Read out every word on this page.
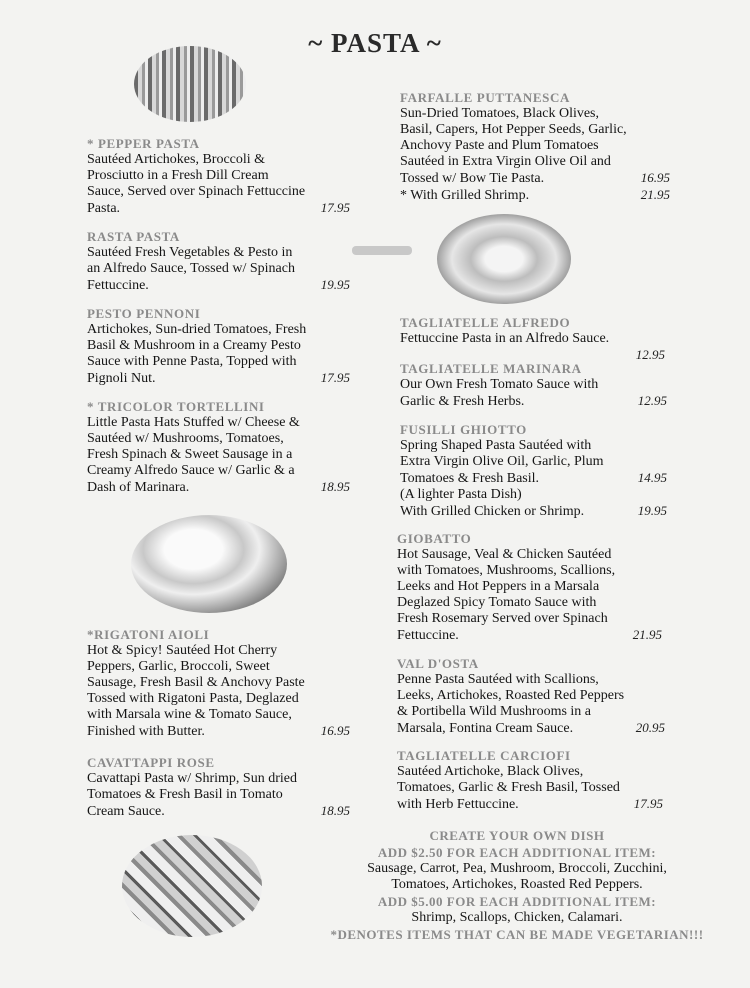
~ PASTA ~
* PEPPER PASTA
Sautéed Artichokes, Broccoli &
Prosciutto in a Fresh Dill Cream
Sauce, Served over Spinach Fettuccine
Pasta.	17.95
RASTA PASTA
Sautéed Fresh Vegetables & Pesto in
an Alfredo Sauce, Tossed w/ Spinach
Fettuccine.	19.95
PESTO PENNONI
Artichokes, Sun-dried Tomatoes, Fresh
Basil & Mushroom in a Creamy Pesto
Sauce with Penne Pasta, Topped with
Pignoli Nut.	17.95
* TRICOLOR TORTELLINI
Little Pasta Hats Stuffed w/ Cheese &
Sautéed w/ Mushrooms, Tomatoes,
Fresh Spinach & Sweet Sausage in a
Creamy Alfredo Sauce w/ Garlic & a
Dash of Marinara.	18.95
*RIGATONI AIOLI
Hot & Spicy! Sautéed Hot Cherry
Peppers, Garlic, Broccoli, Sweet
Sausage, Fresh Basil & Anchovy Paste
Tossed with Rigatoni Pasta, Deglazed
with Marsala wine & Tomato Sauce,
Finished with Butter.	16.95
CAVATTAPPI ROSE
Cavattapi Pasta w/ Shrimp, Sun dried
Tomatoes & Fresh Basil in Tomato
Cream Sauce.	18.95
FARFALLE PUTTANESCA
Sun-Dried Tomatoes, Black Olives,
Basil, Capers, Hot Pepper Seeds, Garlic,
Anchovy Paste and Plum Tomatoes
Sautéed in Extra Virgin Olive Oil and
Tossed w/ Bow Tie Pasta.	16.95
* With Grilled Shrimp.	21.95
TAGLIATELLE ALFREDO
Fettuccine Pasta in an Alfredo Sauce.
12.95
TAGLIATELLE MARINARA
Our Own Fresh Tomato Sauce with
Garlic & Fresh Herbs.	12.95
FUSILLI GHIOTTO
Spring Shaped Pasta Sautéed with
Extra Virgin Olive Oil, Garlic, Plum
Tomatoes & Fresh Basil.	14.95
(A lighter Pasta Dish)
With Grilled Chicken or Shrimp.	19.95
GIOBATTO
Hot Sausage, Veal & Chicken Sautéed
with Tomatoes, Mushrooms, Scallions,
Leeks and Hot Peppers in a Marsala
Deglazed Spicy Tomato Sauce with
Fresh Rosemary Served over Spinach
Fettuccine.	21.95
VAL D'OSTA
Penne Pasta Sautéed with Scallions,
Leeks, Artichokes, Roasted Red Peppers
& Portibella Wild Mushrooms in a
Marsala, Fontina Cream Sauce.	20.95
TAGLIATELLE CARCIOFI
Sautéed Artichoke, Black Olives,
Tomatoes, Garlic & Fresh Basil, Tossed
with Herb Fettuccine.	17.95
CREATE YOUR OWN DISH
ADD $2.50 FOR EACH ADDITIONAL ITEM:
Sausage, Carrot, Pea, Mushroom, Broccoli, Zucchini,
Tomatoes, Artichokes, Roasted Red Peppers.
ADD $5.00 FOR EACH ADDITIONAL ITEM:
Shrimp, Scallops, Chicken, Calamari.
*DENOTES ITEMS THAT CAN BE MADE VEGETARIAN!!!
